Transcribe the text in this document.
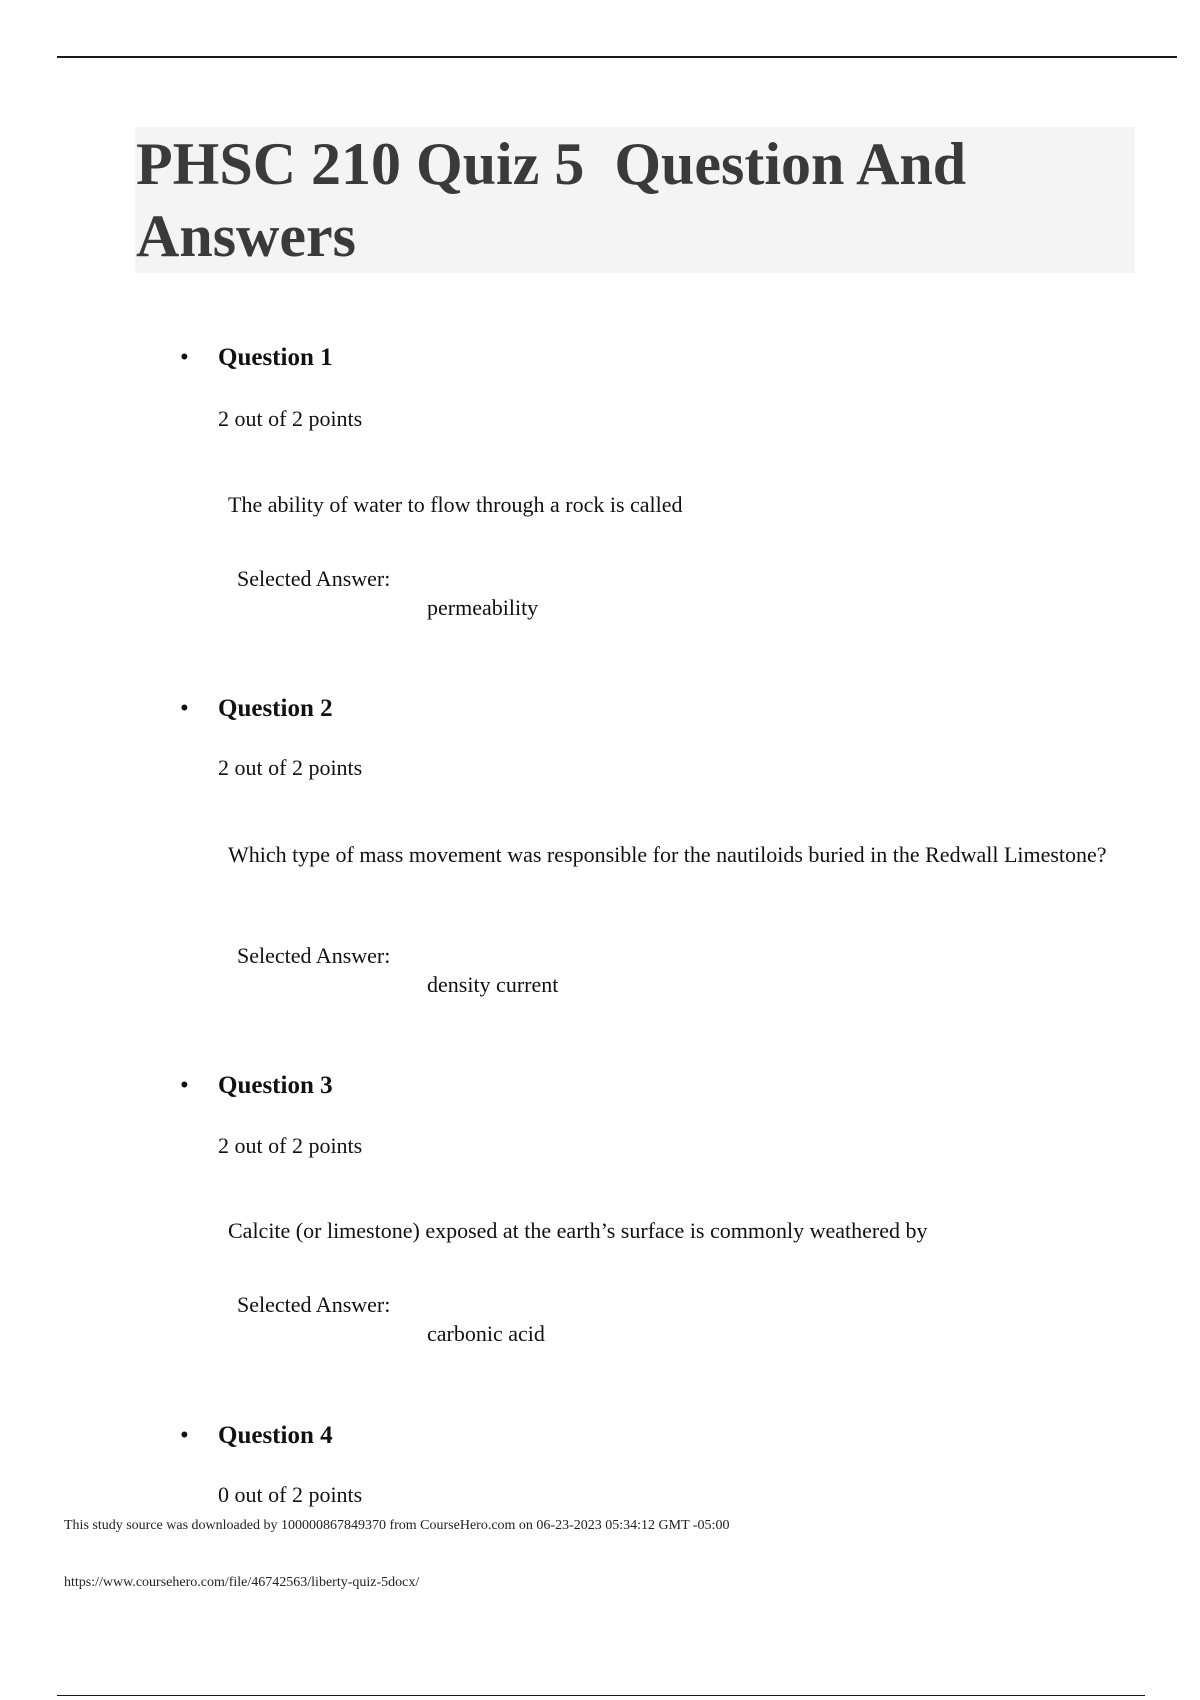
PHSC 210 Quiz 5  Question And Answers
• Question 1
2 out of 2 points
The ability of water to flow through a rock is called
Selected Answer:
permeability
• Question 2
2 out of 2 points
Which type of mass movement was responsible for the nautiloids buried in the Redwall Limestone?
Selected Answer:
density current
• Question 3
2 out of 2 points
Calcite (or limestone) exposed at the earth’s surface is commonly weathered by
Selected Answer:
carbonic acid
• Question 4
0 out of 2 points
This study source was downloaded by 100000867849370 from CourseHero.com on 06-23-2023 05:34:12 GMT -05:00
https://www.coursehero.com/file/46742563/liberty-quiz-5docx/
